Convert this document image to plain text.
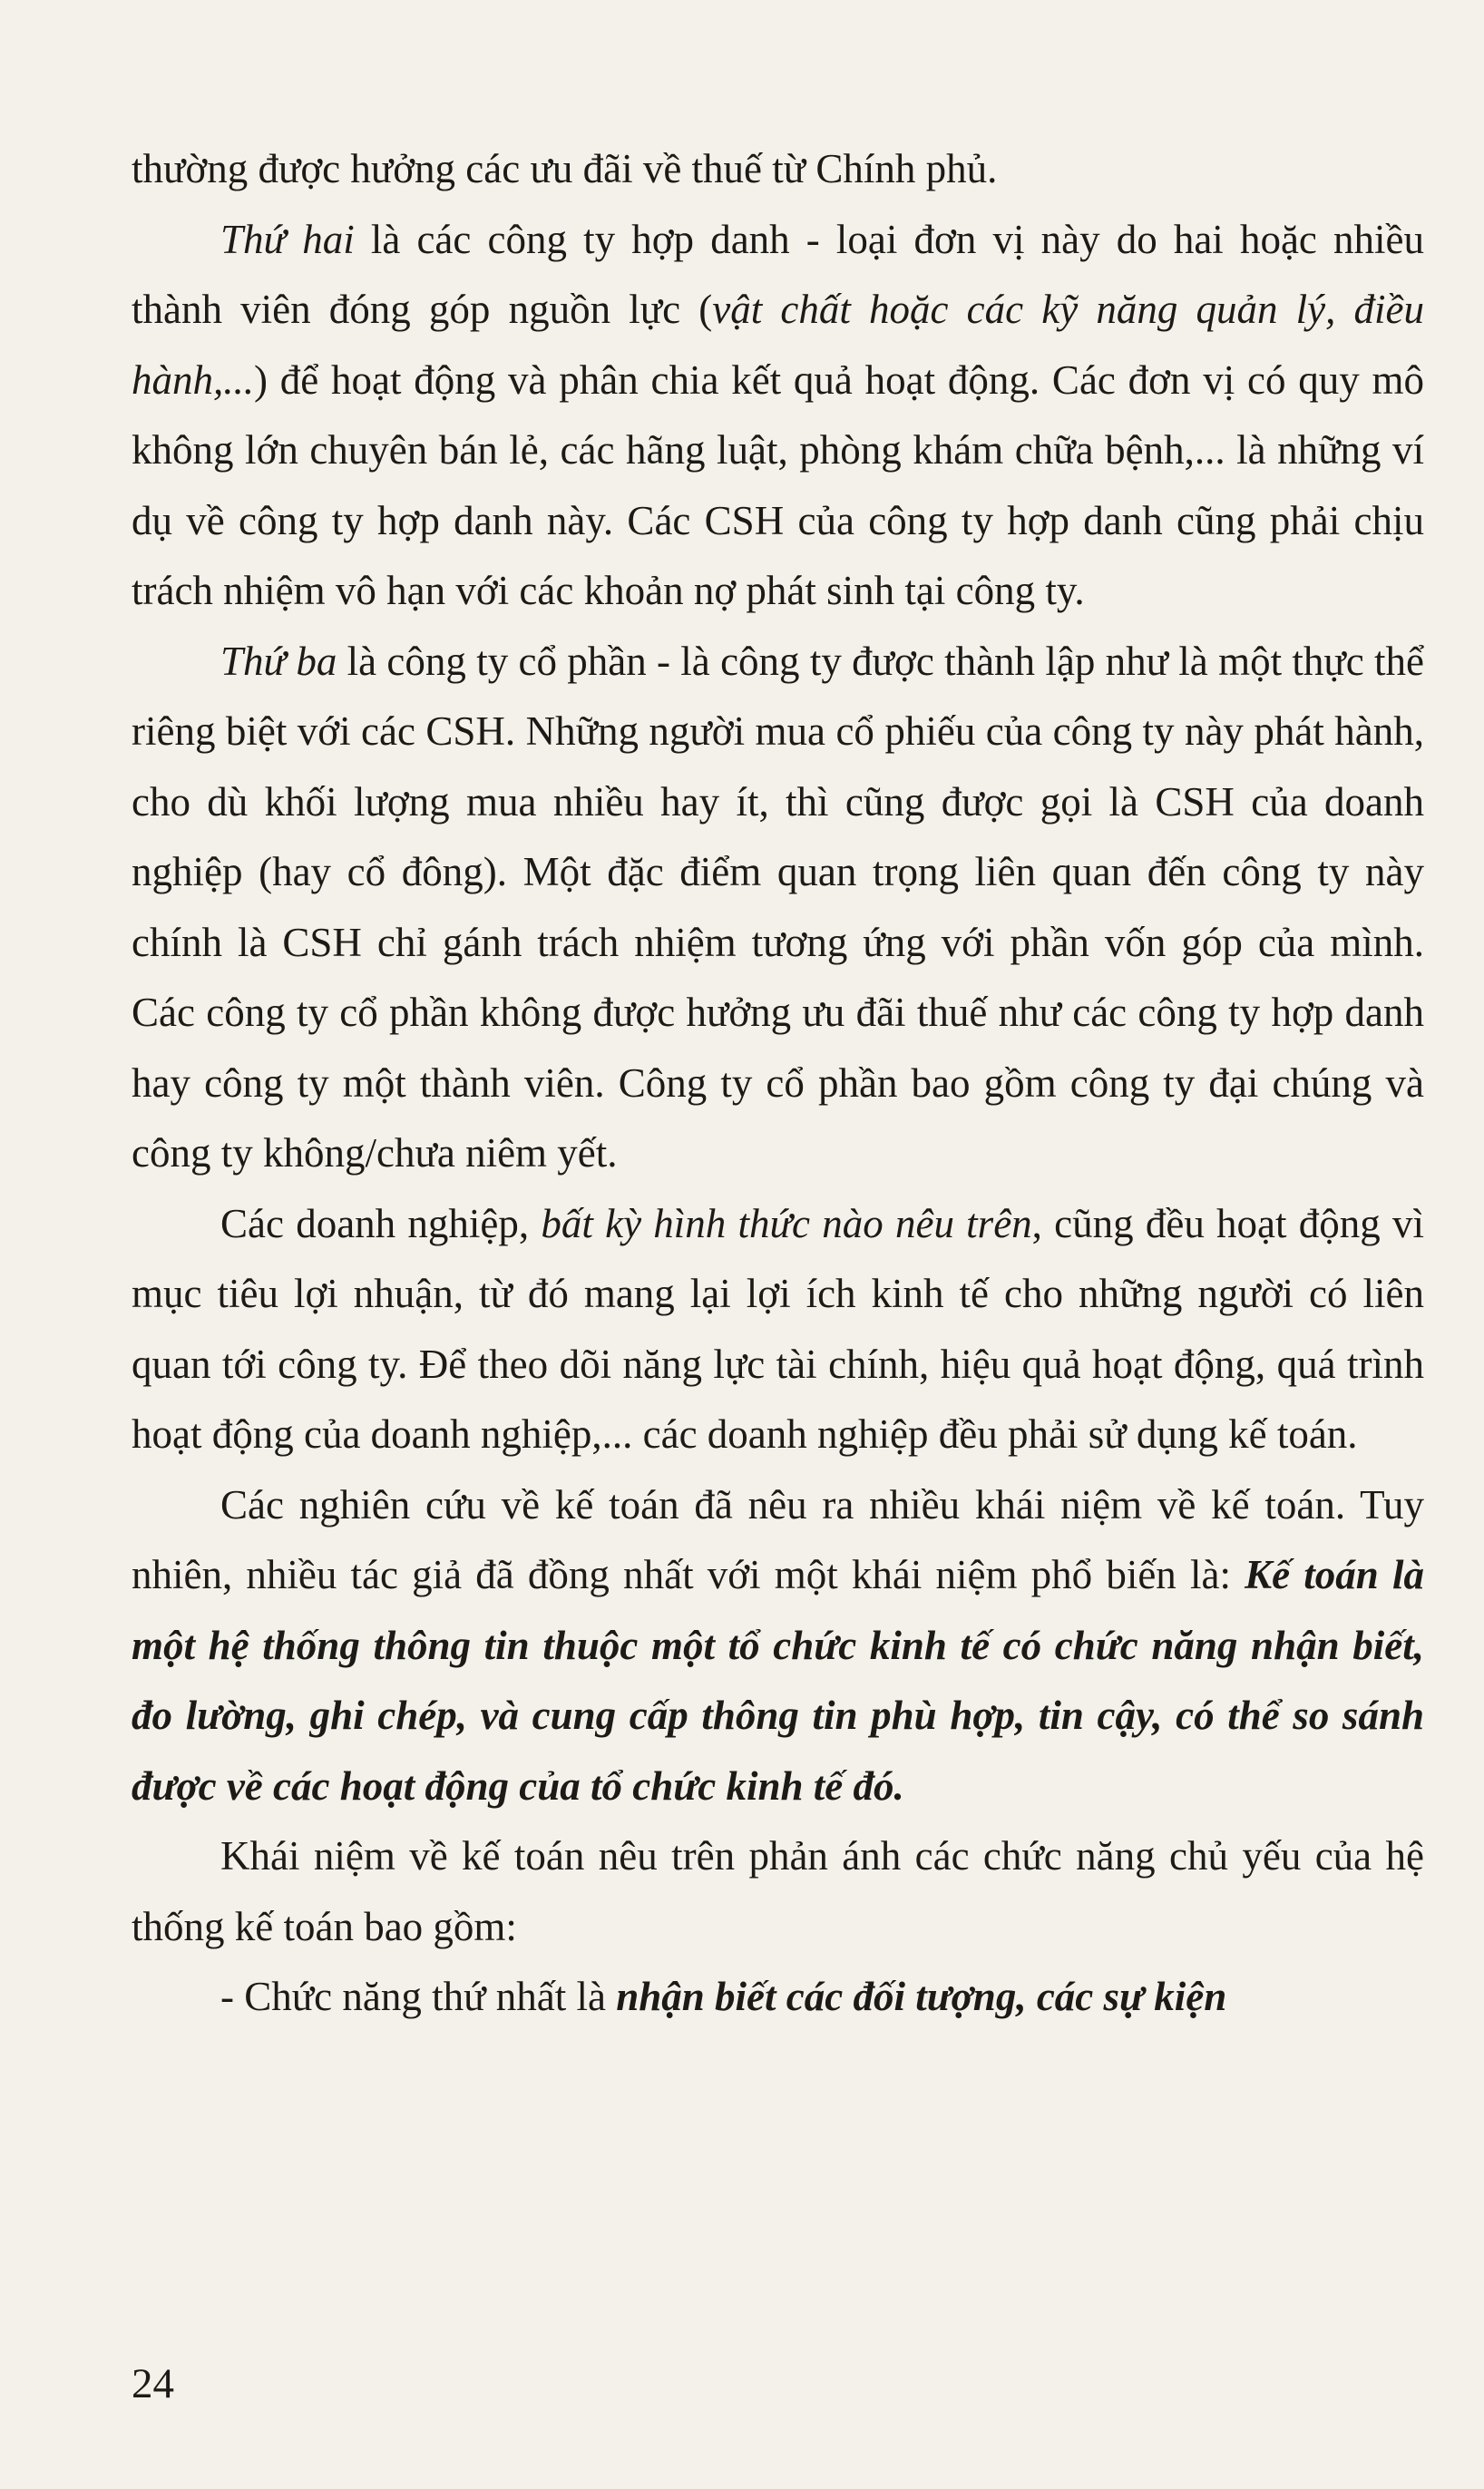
thường được hưởng các ưu đãi về thuế từ Chính phủ.

Thứ hai là các công ty hợp danh - loại đơn vị này do hai hoặc nhiều thành viên đóng góp nguồn lực (vật chất hoặc các kỹ năng quản lý, điều hành,...) để hoạt động và phân chia kết quả hoạt động. Các đơn vị có quy mô không lớn chuyên bán lẻ, các hãng luật, phòng khám chữa bệnh,... là những ví dụ về công ty hợp danh này. Các CSH của công ty hợp danh cũng phải chịu trách nhiệm vô hạn với các khoản nợ phát sinh tại công ty.

Thứ ba là công ty cổ phần - là công ty được thành lập như là một thực thể riêng biệt với các CSH. Những người mua cổ phiếu của công ty này phát hành, cho dù khối lượng mua nhiều hay ít, thì cũng được gọi là CSH của doanh nghiệp (hay cổ đông). Một đặc điểm quan trọng liên quan đến công ty này chính là CSH chỉ gánh trách nhiệm tương ứng với phần vốn góp của mình. Các công ty cổ phần không được hưởng ưu đãi thuế như các công ty hợp danh hay công ty một thành viên. Công ty cổ phần bao gồm công ty đại chúng và công ty không/chưa niêm yết.

Các doanh nghiệp, bất kỳ hình thức nào nêu trên, cũng đều hoạt động vì mục tiêu lợi nhuận, từ đó mang lại lợi ích kinh tế cho những người có liên quan tới công ty. Để theo dõi năng lực tài chính, hiệu quả hoạt động, quá trình hoạt động của doanh nghiệp,... các doanh nghiệp đều phải sử dụng kế toán.

Các nghiên cứu về kế toán đã nêu ra nhiều khái niệm về kế toán. Tuy nhiên, nhiều tác giả đã đồng nhất với một khái niệm phổ biến là: Kế toán là một hệ thống thông tin thuộc một tổ chức kinh tế có chức năng nhận biết, đo lường, ghi chép, và cung cấp thông tin phù hợp, tin cậy, có thể so sánh được về các hoạt động của tổ chức kinh tế đó.

Khái niệm về kế toán nêu trên phản ánh các chức năng chủ yếu của hệ thống kế toán bao gồm:

- Chức năng thứ nhất là nhận biết các đối tượng, các sự kiện

24
